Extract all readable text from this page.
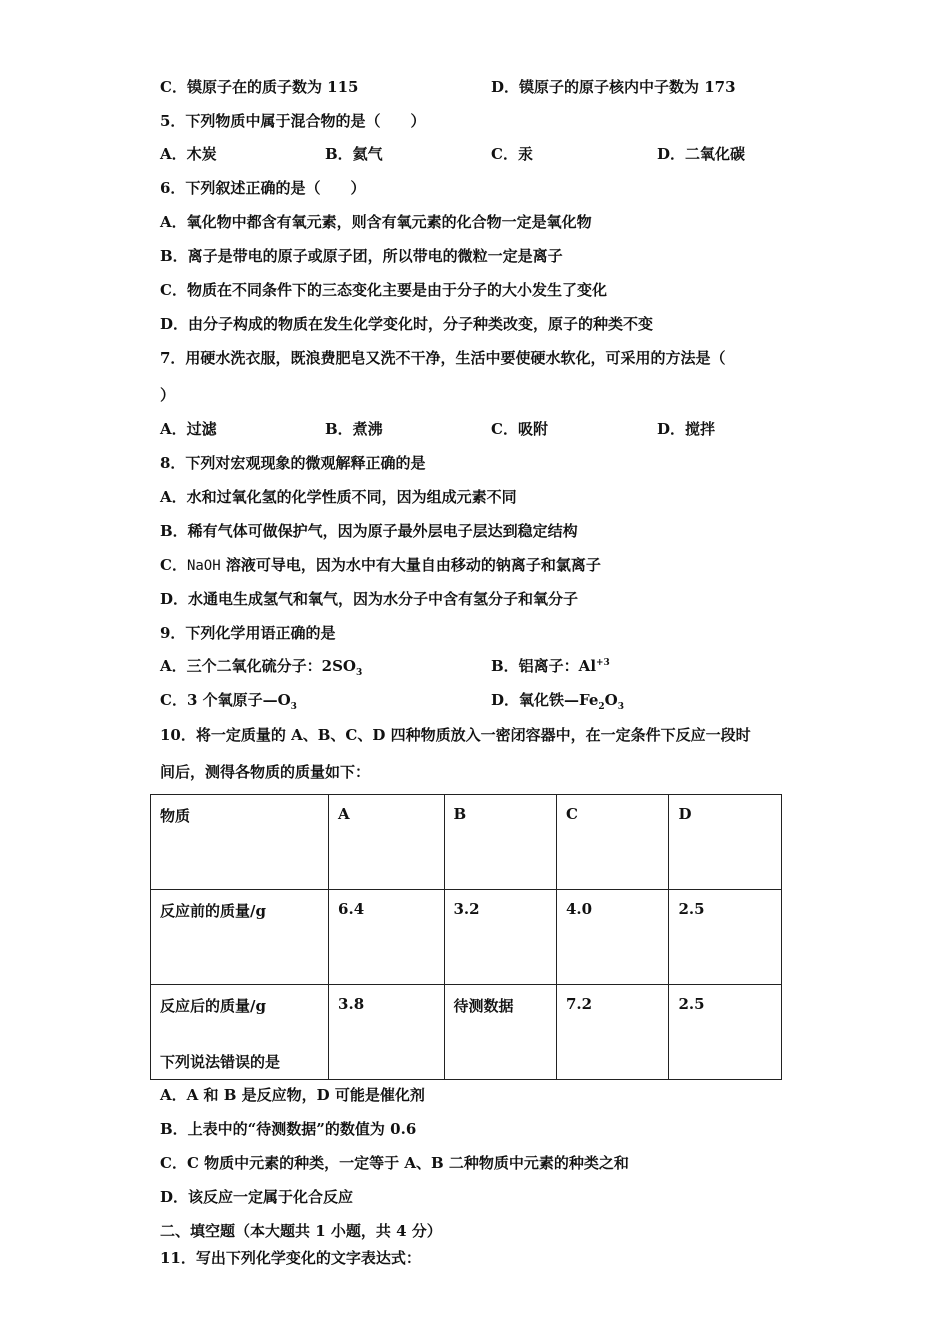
C．镆原子在的质子数为 115	D．镆原子的原子核内中子数为 173
5．下列物质中属于混合物的是（　　）
A．木炭	B．氦气	C．汞	D．二氧化碳
6．下列叙述正确的是（　　）
A．氧化物中都含有氧元素，则含有氧元素的化合物一定是氧化物
B．离子是带电的原子或原子团，所以带电的微粒一定是离子
C．物质在不同条件下的三态变化主要是由于分子的大小发生了变化
D．由分子构成的物质在发生化学变化时，分子种类改变，原子的种类不变
7．用硬水洗衣服，既浪费肥皂又洗不干净，生活中要使硬水软化，可采用的方法是（
）
A．过滤	B．煮沸	C．吸附	D．搅拌
8．下列对宏观现象的微观解释正确的是
A．水和过氧化氢的化学性质不同，因为组成元素不同
B．稀有气体可做保护气，因为原子最外层电子层达到稳定结构
C．NaOH 溶液可导电，因为水中有大量自由移动的钠离子和氯离子
D．水通电生成氢气和氧气，因为水分子中含有氢分子和氧分子
9．下列化学用语正确的是
A．三个二氧化硫分子：$2SO_3$	B．铝离子：$Al^{+3}$
C．3 个氧原子$—O_3$	D．氧化铁$—Fe_2O_3$
10．将一定质量的 A、B、C、D 四种物质放入一密闭容器中，在一定条件下反应一段时
间后，测得各物质的质量如下：
物质	A	B	C	D
反应前的质量/g	6.4	3.2	4.0	2.5
反应后的质量/g	3.8	待测数据	7.2	2.5
下列说法错误的是
A．A 和 B 是反应物，D 可能是催化剂
B．上表中的“待测数据”的数值为 0.6
C．C 物质中元素的种类，一定等于 A、B 二种物质中元素的种类之和
D．该反应一定属于化合反应
二、填空题（本大题共 1 小题，共 4 分）
11．写出下列化学变化的文字表达式：
